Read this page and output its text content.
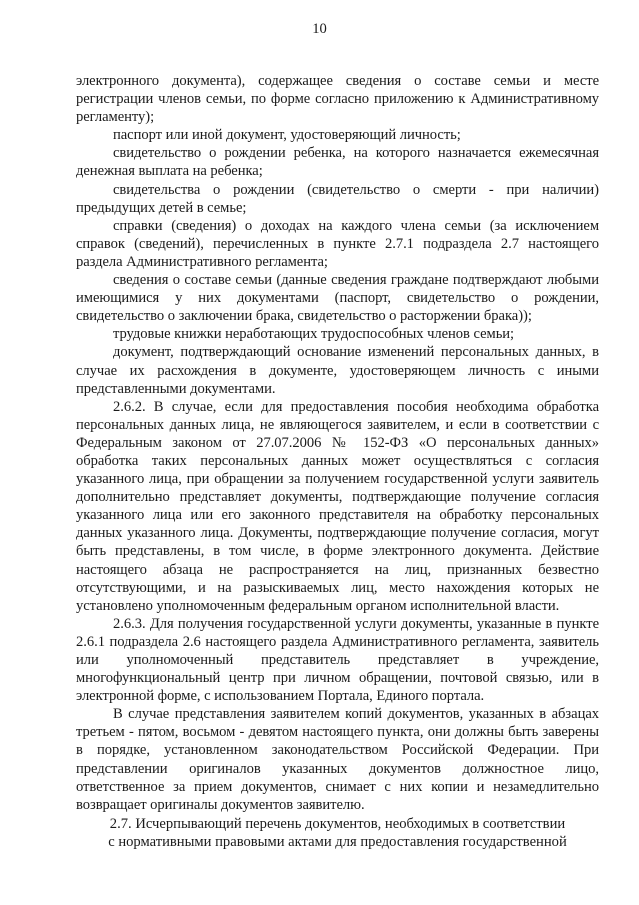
10

электронного документа), содержащее сведения о составе семьи и месте регистрации членов семьи, по форме согласно приложению к Административному регламенту);

паспорт или иной документ, удостоверяющий личность;

свидетельство о рождении ребенка, на которого назначается ежемесячная денежная выплата на ребенка;

свидетельства о рождении (свидетельство о смерти - при наличии) предыдущих детей в семье;

справки (сведения) о доходах на каждого члена семьи (за исключением справок (сведений), перечисленных в пункте 2.7.1 подраздела 2.7 настоящего раздела Административного регламента;

сведения о составе семьи (данные сведения граждане подтверждают любыми имеющимися у них документами (паспорт, свидетельство о рождении, свидетельство о заключении брака, свидетельство о расторжении брака));

трудовые книжки неработающих трудоспособных членов семьи;

документ, подтверждающий основание изменений персональных данных, в случае их расхождения в документе, удостоверяющем личность с иными представленными документами.

2.6.2. В случае, если для предоставления пособия необходима обработка персональных данных лица, не являющегося заявителем, и если в соответствии с Федеральным законом от 27.07.2006 № 152-ФЗ «О персональных данных» обработка таких персональных данных может осуществляться с согласия указанного лица, при обращении за получением государственной услуги заявитель дополнительно представляет документы, подтверждающие получение согласия указанного лица или его законного представителя на обработку персональных данных указанного лица. Документы, подтверждающие получение согласия, могут быть представлены, в том числе, в форме электронного документа. Действие настоящего абзаца не распространяется на лиц, признанных безвестно отсутствующими, и на разыскиваемых лиц, место нахождения которых не установлено уполномоченным федеральным органом исполнительной власти.

2.6.3. Для получения государственной услуги документы, указанные в пункте 2.6.1 подраздела 2.6 настоящего раздела Административного регламента, заявитель или уполномоченный представитель представляет в учреждение, многофункциональный центр при личном обращении, почтовой связью, или в электронной форме, с использованием Портала, Единого портала.

В случае представления заявителем копий документов, указанных в абзацах третьем - пятом, восьмом - девятом настоящего пункта, они должны быть заверены в порядке, установленном законодательством Российской Федерации. При представлении оригиналов указанных документов должностное лицо, ответственное за прием документов, снимает с них копии и незамедлительно возвращает оригиналы документов заявителю.

2.7. Исчерпывающий перечень документов, необходимых в соответствии

с нормативными правовыми актами для предоставления государственной
